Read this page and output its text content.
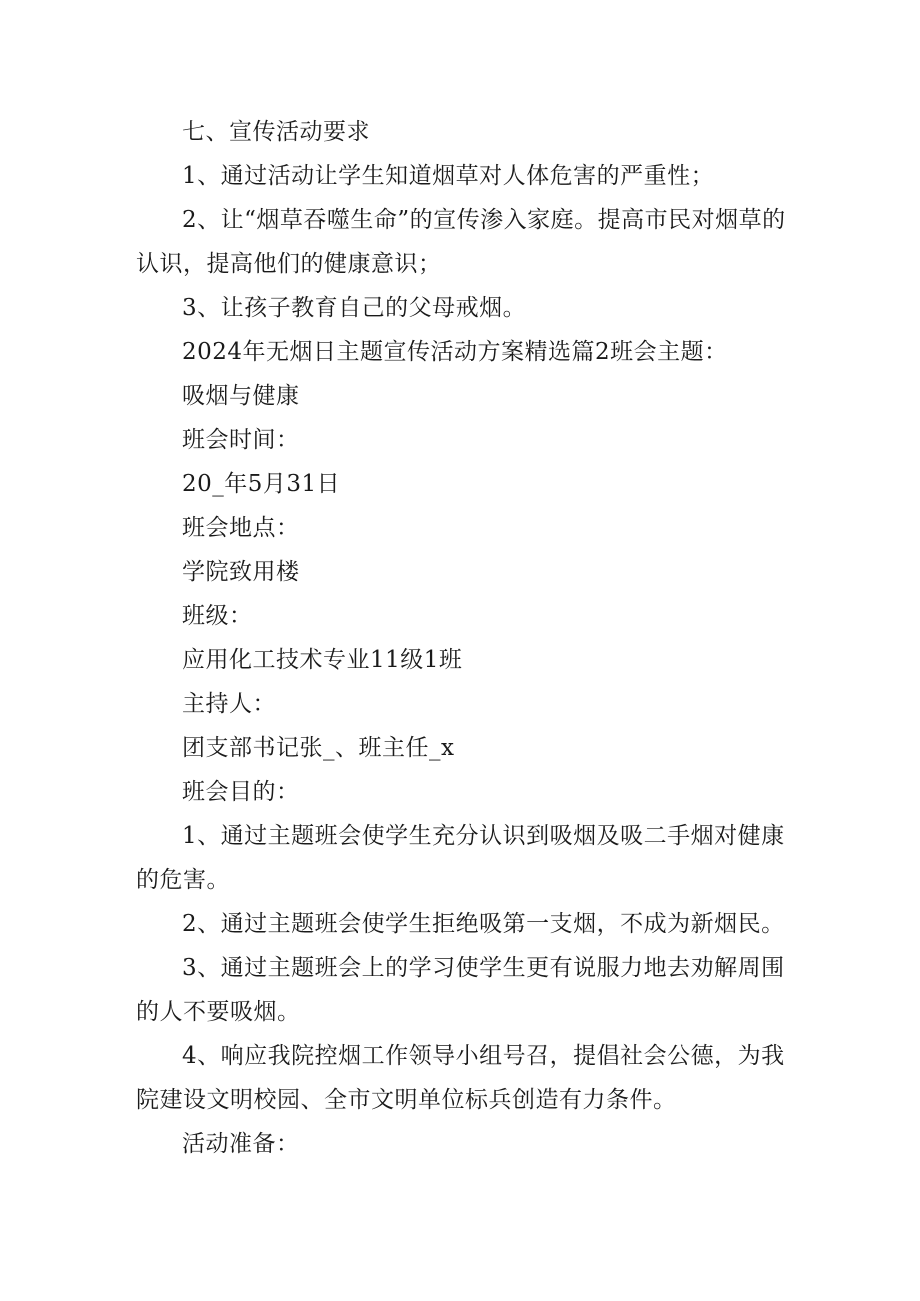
七、宣传活动要求

1、通过活动让学生知道烟草对人体危害的严重性；

2、让“烟草吞噬生命”的宣传渗入家庭。提高市民对烟草的认识，提高他们的健康意识；

3、让孩子教育自己的父母戒烟。

2024年无烟日主题宣传活动方案精选篇2班会主题：

吸烟与健康

班会时间：

20_年5月31日

班会地点：

学院致用楼

班级：

应用化工技术专业11级1班

主持人：

团支部书记张_、班主任_x

班会目的：

1、通过主题班会使学生充分认识到吸烟及吸二手烟对健康的危害。

2、通过主题班会使学生拒绝吸第一支烟，不成为新烟民。

3、通过主题班会上的学习使学生更有说服力地去劝解周围的人不要吸烟。

4、响应我院控烟工作领导小组号召，提倡社会公德，为我院建设文明校园、全市文明单位标兵创造有力条件。

活动准备：
